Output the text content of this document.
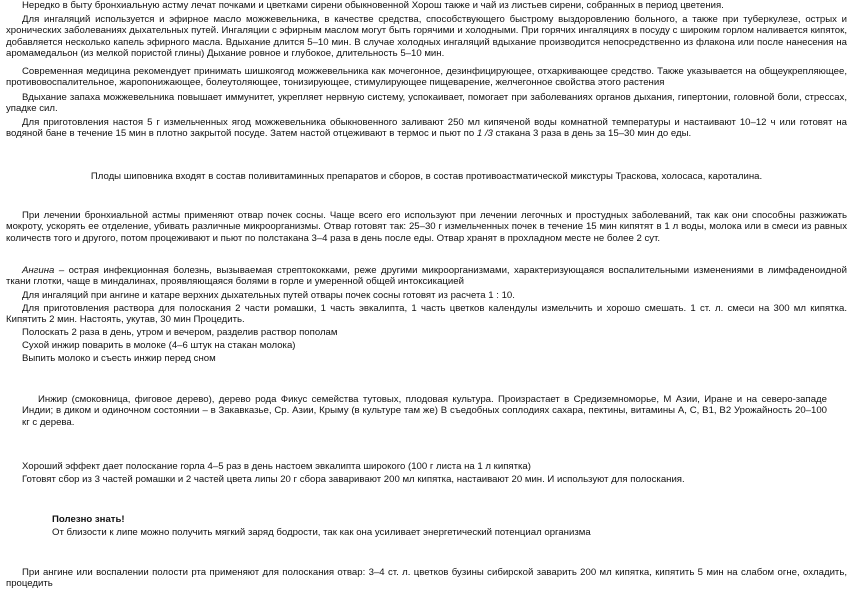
Нередко в быту бронхиальную астму лечат почками и цветками сирени обыкновенной Хорош также и чай из листьев сирени, собранных в период цветения.

Для ингаляций используется и эфирное масло можжевельника, в качестве средства, способствующего быстрому выздоровлению больного, а также при туберкулезе, острых и хронических заболеваниях дыхательных путей. Ингаляции с эфирным маслом могут быть горячими и холодными. При горячих ингаляциях в посуду с широким горлом наливается кипяток, добавляется несколько капель эфирного масла. Вдыхание длится 5–10 мин. В случае холодных ингаляций вдыхание производится непосредственно из флакона или после нанесения на аромамедальон (из мелкой пористой глины) Дыхание ровное и глубокое, длительность 5–10 мин.

Современная медицина рекомендует принимать шишкоягод можжевельника как мочегонное, дезинфицирующее, отхаркивающее средство. Также указывается на общеукрепляющее, противовоспалительное, жаропонижающее, болеутоляющее, тонизирующее, стимулирующее пищеварение, желчегонное свойства этого растения

Вдыхание запаха можжевельника повышает иммунитет, укрепляет нервную систему, успокаивает, помогает при заболеваниях органов дыхания, гипертонии, головной боли, стрессах, упадке сил.

Для приготовления настоя 5 г измельченных ягод можжевельника обыкновенного заливают 250 мл кипяченой воды комнатной температуры и настаивают 10–12 ч или готовят на водяной бане в течение 15 мин в плотно закрытой посуде. Затем настой отцеживают в термос и пьют по 1 /3 стакана 3 раза в день за 15–30 мин до еды.

Плоды шиповника входят в состав поливитаминных препаратов и сборов, в состав противоастматической микстуры Траскова, холосаса, кароталина.

При лечении бронхиальной астмы применяют отвар почек сосны. Чаще всего его используют при лечении легочных и простудных заболеваний, так как они способны разжижать мокроту, ускорять ее отделение, убивать различные микроорганизмы. Отвар готовят так: 25–30 г измельченных почек в течение 15 мин кипятят в 1 л воды, молока или в смеси из равных количеств того и другого, потом процеживают и пьют по полстакана 3–4 раза в день после еды. Отвар хранят в прохладном месте не более 2 сут.

Ангина – острая инфекционная болезнь, вызываемая стрептококками, реже другими микроорганизмами, характеризующаяся воспалительными изменениями в лимфаденоидной ткани глотки, чаще в миндалинах, проявляющаяся болями в горле и умеренной общей интоксикацией

Для ингаляций при ангине и катаре верхних дыхательных путей отвары почек сосны готовят из расчета 1 : 10.

Для приготовления раствора для полоскания 2 части ромашки, 1 часть эвкалипта, 1 часть цветков календулы измельчить и хорошо смешать. 1 ст. л. смеси на 300 мл кипятка. Кипятить 2 мин. Настоять, укутав, 30 мин Процедить.

Полоскать 2 раза в день, утром и вечером, разделив раствор пополам
Сухой инжир поварить в молоке (4–6 штук на стакан молока)
Выпить молоко и съесть инжир перед сном

Инжир (смоковница, фиговое дерево), дерево рода Фикус семейства тутовых, плодовая культура. Произрастает в Средиземноморье, М Азии, Иране и на северо-западе Индии; в диком и одиночном состоянии – в Закавказье, Ср. Азии, Крыму (в культуре там же) В съедобных соплодиях сахара, пектины, витамины A, C, B1, B2 Урожайность 20–100 кг с дерева.

Хороший эффект дает полоскание горла 4–5 раз в день настоем эвкалипта широкого (100 г листа на 1 л кипятка)
Готовят сбор из 3 частей ромашки и 2 частей цвета липы 20 г сбора заваривают 200 мл кипятка, настаивают 20 мин. И используют для полоскания.
Полезно знать!
От близости к липе можно получить мягкий заряд бодрости, так как она усиливает энергетический потенциал организма

При ангине или воспалении полости рта применяют для полоскания отвар: 3–4 ст. л. цветков бузины сибирской заварить 200 мл кипятка, кипятить 5 мин на слабом огне, охладить, процедить
